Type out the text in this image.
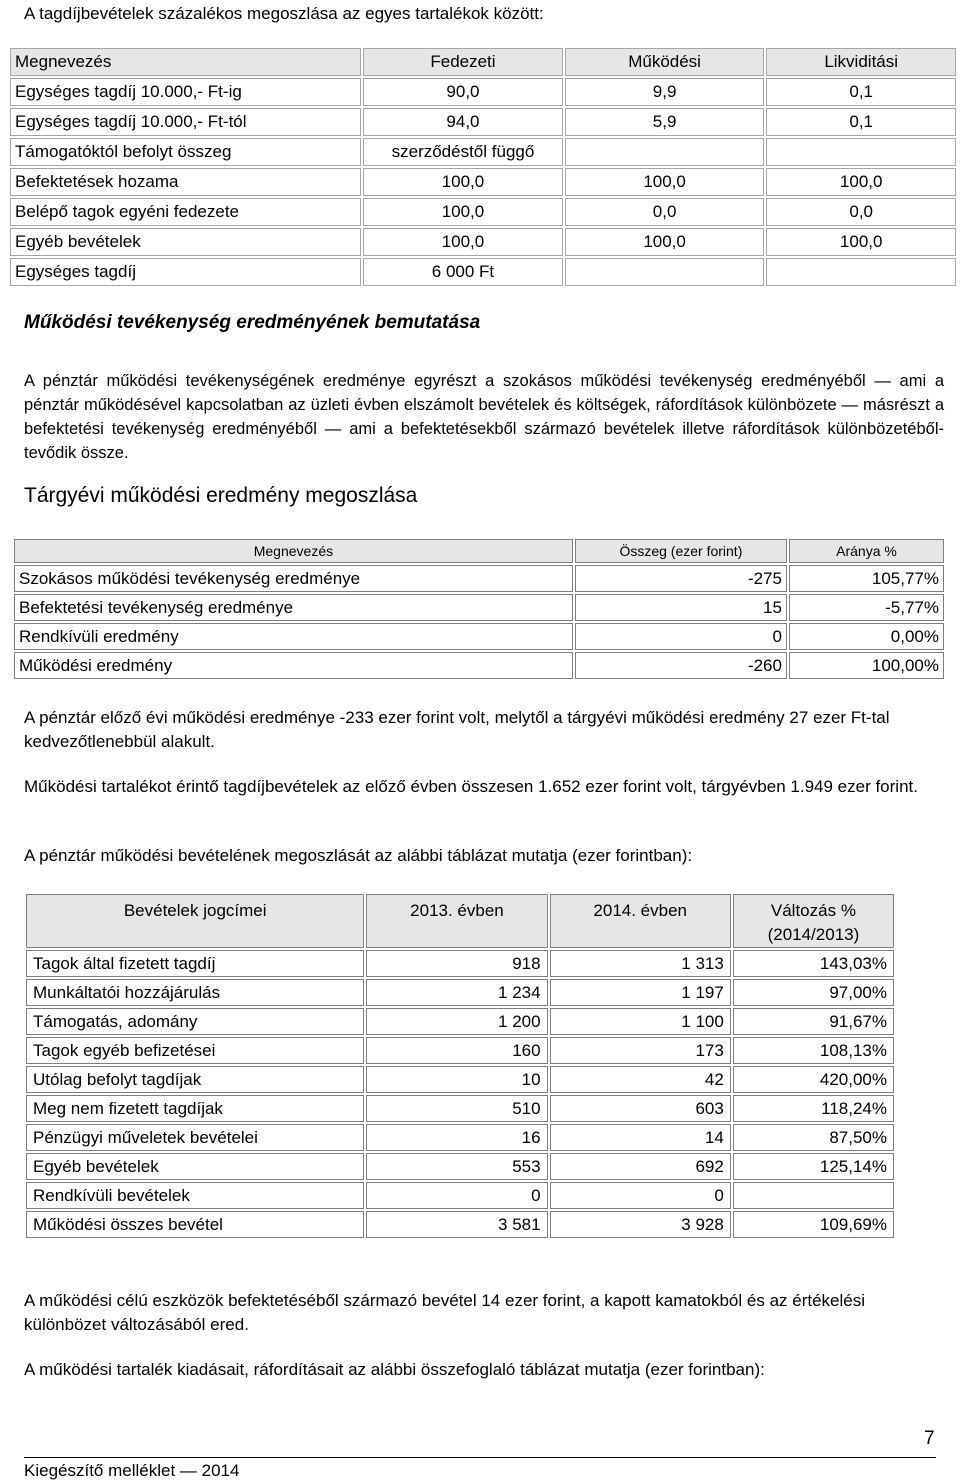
A tagdíjbevételek százalékos megoszlása az egyes tartalékok között:
Megnevezés	Fedezeti	Működési	Likviditási
Egységes tagdíj 10.000,- Ft-ig	90,0	9,9	0,1
Egységes tagdíj 10.000,- Ft-tól	94,0	5,9	0,1
Támogatóktól befolyt összeg	szerződéstől függő		
Befektetések hozama	100,0	100,0	100,0
Belépő tagok egyéni fedezete	100,0	0,0	0,0
Egyéb bevételek	100,0	100,0	100,0
Egységes tagdíj	6 000 Ft		
Működési tevékenység eredményének bemutatása
A pénztár működési tevékenységének eredménye egyrészt a szokásos működési tevékenység eredményéből — ami a pénztár működésével kapcsolatban az üzleti évben elszámolt bevételek és költségek, ráfordítások különbözete — másrészt a befektetési tevékenység eredményéből — ami a befektetésekből származó bevételek illetve ráfordítások különbözetéből- tevődik össze.
Tárgyévi működési eredmény megoszlása
Megnevezés	Összeg (ezer forint)	Aránya %
Szokásos működési tevékenység eredménye	-275	105,77%
Befektetési tevékenység eredménye	15	-5,77%
Rendkívüli eredmény	0	0,00%
Működési eredmény	-260	100,00%
A pénztár előző évi működési eredménye -233 ezer forint volt, melytől a tárgyévi működési eredmény 27 ezer Ft-tal kedvezőtlenebbül alakult.
Működési tartalékot érintő tagdíjbevételek az előző évben összesen 1.652 ezer forint volt, tárgyévben 1.949 ezer forint.
A pénztár működési bevételének megoszlását az alábbi táblázat mutatja (ezer forintban):
Bevételek jogcímei	2013. évben	2014. évben	Változás % (2014/2013)
Tagok által fizetett tagdíj	918	1 313	143,03%
Munkáltatói hozzájárulás	1 234	1 197	97,00%
Támogatás, adomány	1 200	1 100	91,67%
Tagok egyéb befizetései	160	173	108,13%
Utólag befolyt tagdíjak	10	42	420,00%
Meg nem fizetett tagdíjak	510	603	118,24%
Pénzügyi műveletek bevételei	16	14	87,50%
Egyéb bevételek	553	692	125,14%
Rendkívüli bevételek	0	0	
Működési összes bevétel	3 581	3 928	109,69%
A működési célú eszközök befektetéséből származó bevétel 14 ezer forint, a kapott kamatokból és az értékelési különbözet változásából ered.
A működési tartalék kiadásait, ráfordításait az alábbi összefoglaló táblázat mutatja (ezer forintban):
7
Kiegészítő melléklet — 2014
